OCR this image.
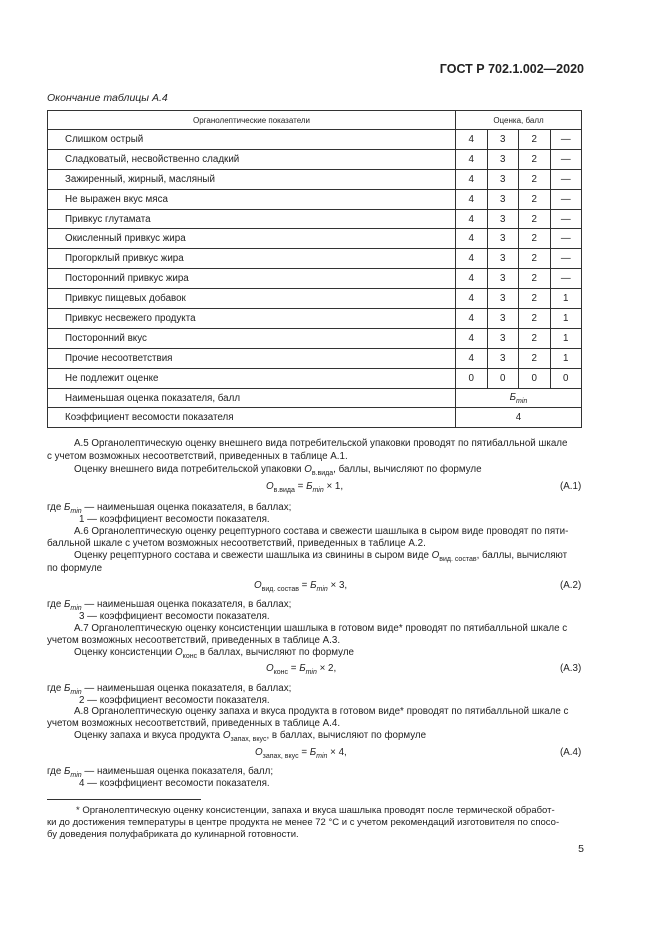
ГОСТ Р 702.1.002—2020
Окончание таблицы А.4
Органолептические показатели	Оценка, балл			
Слишком острый	4	3	2	—
Сладковатый, несвойственно сладкий	4	3	2	—
Зажиренный, жирный, масляный	4	3	2	—
Не выражен вкус мяса	4	3	2	—
Привкус глутамата	4	3	2	—
Окисленный привкус жира	4	3	2	—
Прогорклый привкус жира	4	3	2	—
Посторонний привкус жира	4	3	2	—
Привкус пищевых добавок	4	3	2	1
Привкус несвежего продукта	4	3	2	1
Посторонний вкус	4	3	2	1
Прочие несоответствия	4	3	2	1
Не подлежит оценке	0	0	0	0
Наименьшая оценка показателя, балл	$Б_{min}$
Коэффициент весомости показателя	4			
А.5 Органолептическую оценку внешнего вида потребительской упаковки проводят по пятибалльной шкале
с учетом возможных несоответствий, приведенных в таблице А.1.
Оценку внешнего вида потребительской упаковки $О_{в.вида}$, баллы, вычисляют по формуле
$О_{в.вида} = Б_{min} \times 1$,	(А.1)
где $Б_{min}$ — наименьшая оценка показателя, в баллах;
1 — коэффициент весомости показателя.
А.6 Органолептическую оценку рецептурного состава и свежести шашлыка в сыром виде проводят по пяти-
балльной шкале с учетом возможных несоответствий, приведенных в таблице А.2.
Оценку рецептурного состава и свежести шашлыка из свинины в сыром виде $О_{вид. состав}$, баллы, вычисляют
по формуле
$О_{вид. состав} = Б_{min} \times 3$,	(А.2)
где $Б_{min}$ — наименьшая оценка показателя, в баллах;
3 — коэффициент весомости показателя.
А.7 Органолептическую оценку консистенции шашлыка в готовом виде* проводят по пятибалльной шкале с
учетом возможных несоответствий, приведенных в таблице А.3.
Оценку консистенции $О_{конс}$ в баллах, вычисляют по формуле
$О_{конс} = Б_{min} \times 2$,	(А.3)
где $Б_{min}$ — наименьшая оценка показателя, в баллах;
2 — коэффициент весомости показателя.
А.8 Органолептическую оценку запаха и вкуса продукта в готовом виде* проводят по пятибалльной шкале с
учетом возможных несоответствий, приведенных в таблице А.4.
Оценку запаха и вкуса продукта $О_{запах, вкус}$, в баллах, вычисляют по формуле
$О_{запах, вкус} = Б_{min} \times 4$,	(А.4)
где $Б_{min}$ — наименьшая оценка показателя, балл;
4 — коэффициент весомости показателя.
* Органолептическую оценку консистенции, запаха и вкуса шашлыка проводят после термической обработ-
ки до достижения температуры в центре продукта не менее 72 °С и с учетом рекомендаций изготовителя по спосо-
бу доведения полуфабриката до кулинарной готовности.
5
